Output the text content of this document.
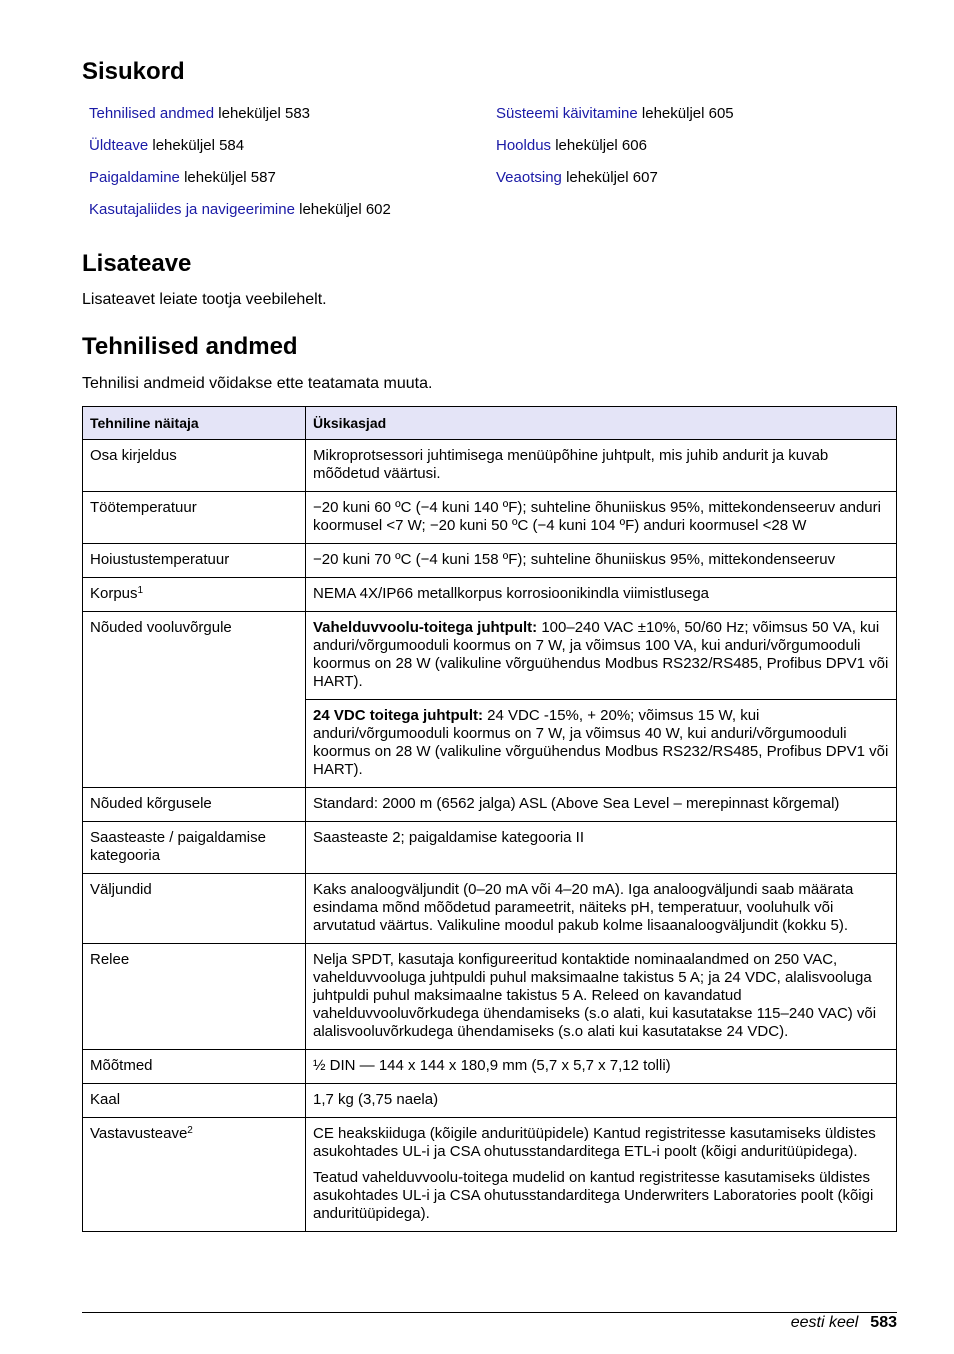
Sisukord
Tehnilised andmed leheküljel 583
Üldteave leheküljel 584
Paigaldamine leheküljel 587
Kasutajaliides ja navigeerimine leheküljel 602
Süsteemi käivitamine leheküljel 605
Hooldus leheküljel 606
Veaotsing leheküljel 607
Lisateave
Lisateavet leiate tootja veebilehelt.
Tehnilised andmed
Tehnilisi andmeid võidakse ette teatamata muuta.
Tehniline näitaja	Üksikasjad
Osa kirjeldus	Mikroprotsessori juhtimisega menüüpõhine juhtpult, mis juhib andurit ja kuvab mõõdetud väärtusi.
Töötemperatuur	−20 kuni 60 ºC (−4 kuni 140 ºF); suhteline õhuniiskus 95%, mittekondenseeruv anduri koormusel <7 W; −20 kuni 50 ºC (−4 kuni 104 ºF) anduri koormusel <28 W
Hoiustustemperatuur	−20 kuni 70 ºC (−4 kuni 158 ºF); suhteline õhuniiskus 95%, mittekondenseeruv
Korpus$^1$	NEMA 4X/IP66 metallkorpus korrosioonikindla viimistlusega
Nõuded vooluvõrgule	Vahelduvvoolu-toitega juhtpult: 100–240 VAC ±10%, 50/60 Hz; võimsus 50 VA, kui anduri/võrgumooduli koormus on 7 W, ja võimsus 100 VA, kui anduri/võrgumooduli koormus on 28 W (valikuline võrguühendus Modbus RS232/RS485, Profibus DPV1 või HART).
	24 VDC toitega juhtpult: 24 VDC -15%, + 20%; võimsus 15 W, kui anduri/võrgumooduli koormus on 7 W, ja võimsus 40 W, kui anduri/võrgumooduli koormus on 28 W (valikuline võrguühendus Modbus RS232/RS485, Profibus DPV1 või HART).
Nõuded kõrgusele	Standard: 2000 m (6562 jalga) ASL (Above Sea Level – merepinnast kõrgemal)
Saasteaste / paigaldamise kategooria	Saasteaste 2; paigaldamise kategooria II
Väljundid	Kaks analoogväljundit (0–20 mA või 4–20 mA). Iga analoogväljundi saab määrata esindama mõnd mõõdetud parameetrit, näiteks pH, temperatuur, vooluhulk või arvutatud väärtus. Valikuline moodul pakub kolme lisaanaloogväljundit (kokku 5).
Relee	Nelja SPDT, kasutaja konfigureeritud kontaktide nominaalandmed on 250 VAC, vahelduvvooluga juhtpuldi puhul maksimaalne takistus 5 A; ja 24 VDC, alalisvooluga juhtpuldi puhul maksimaalne takistus 5 A. Releed on kavandatud vahelduvvooluvõrkudega ühendamiseks (s.o alati, kui kasutatakse 115–240 VAC) või alalisvooluvõrkudega ühendamiseks (s.o alati kui kasutatakse 24 VDC).
Mõõtmed	½ DIN — 144 x 144 x 180,9 mm (5,7 x 5,7 x 7,12 tolli)
Kaal	1,7 kg (3,75 naela)
Vastavusteave$^2$	CE heakskiiduga (kõigile anduritüüpidele) Kantud registritesse kasutamiseks üldistes asukohtades UL-i ja CSA ohutusstandarditega ETL-i poolt (kõigi anduritüüpidega).
Teatud vahelduvvoolu-toitega mudelid on kantud registritesse kasutamiseks üldistes asukohtades UL-i ja CSA ohutusstandarditega Underwriters Laboratories poolt (kõigi anduritüüpidega).
eesti keel 583
